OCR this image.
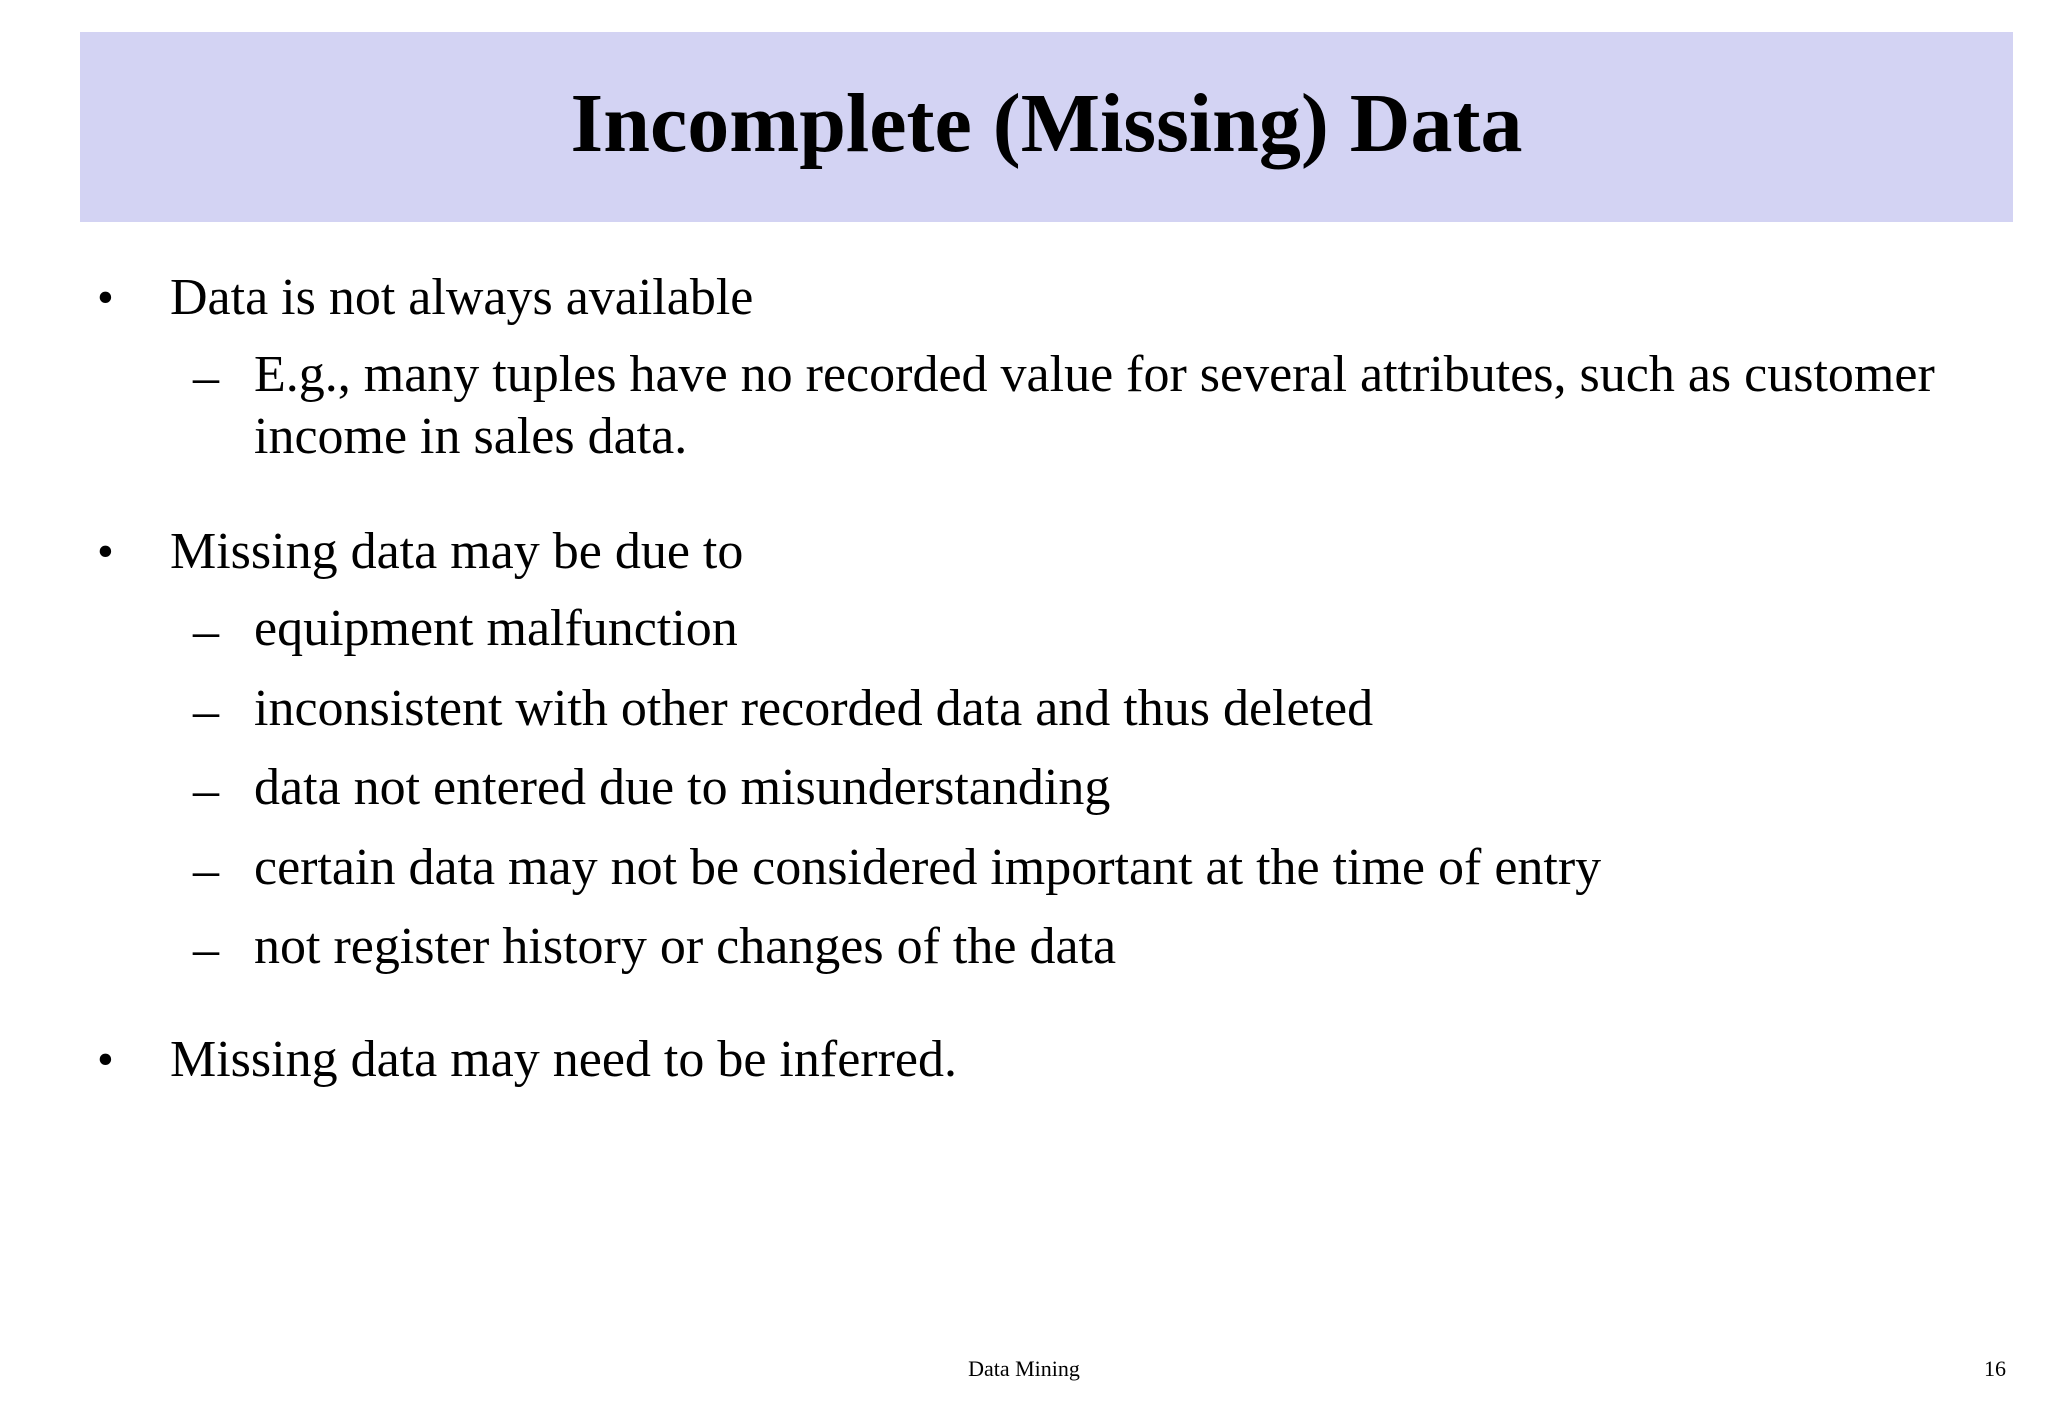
Incomplete (Missing) Data
• Data is not always available
– E.g., many tuples have no recorded value for several attributes, such as customer
income in sales data.
• Missing data may be due to
– equipment malfunction
– inconsistent with other recorded data and thus deleted
– data not entered due to misunderstanding
– certain data may not be considered important at the time of entry
– not register history or changes of the data
• Missing data may need to be inferred.
Data Mining	16
